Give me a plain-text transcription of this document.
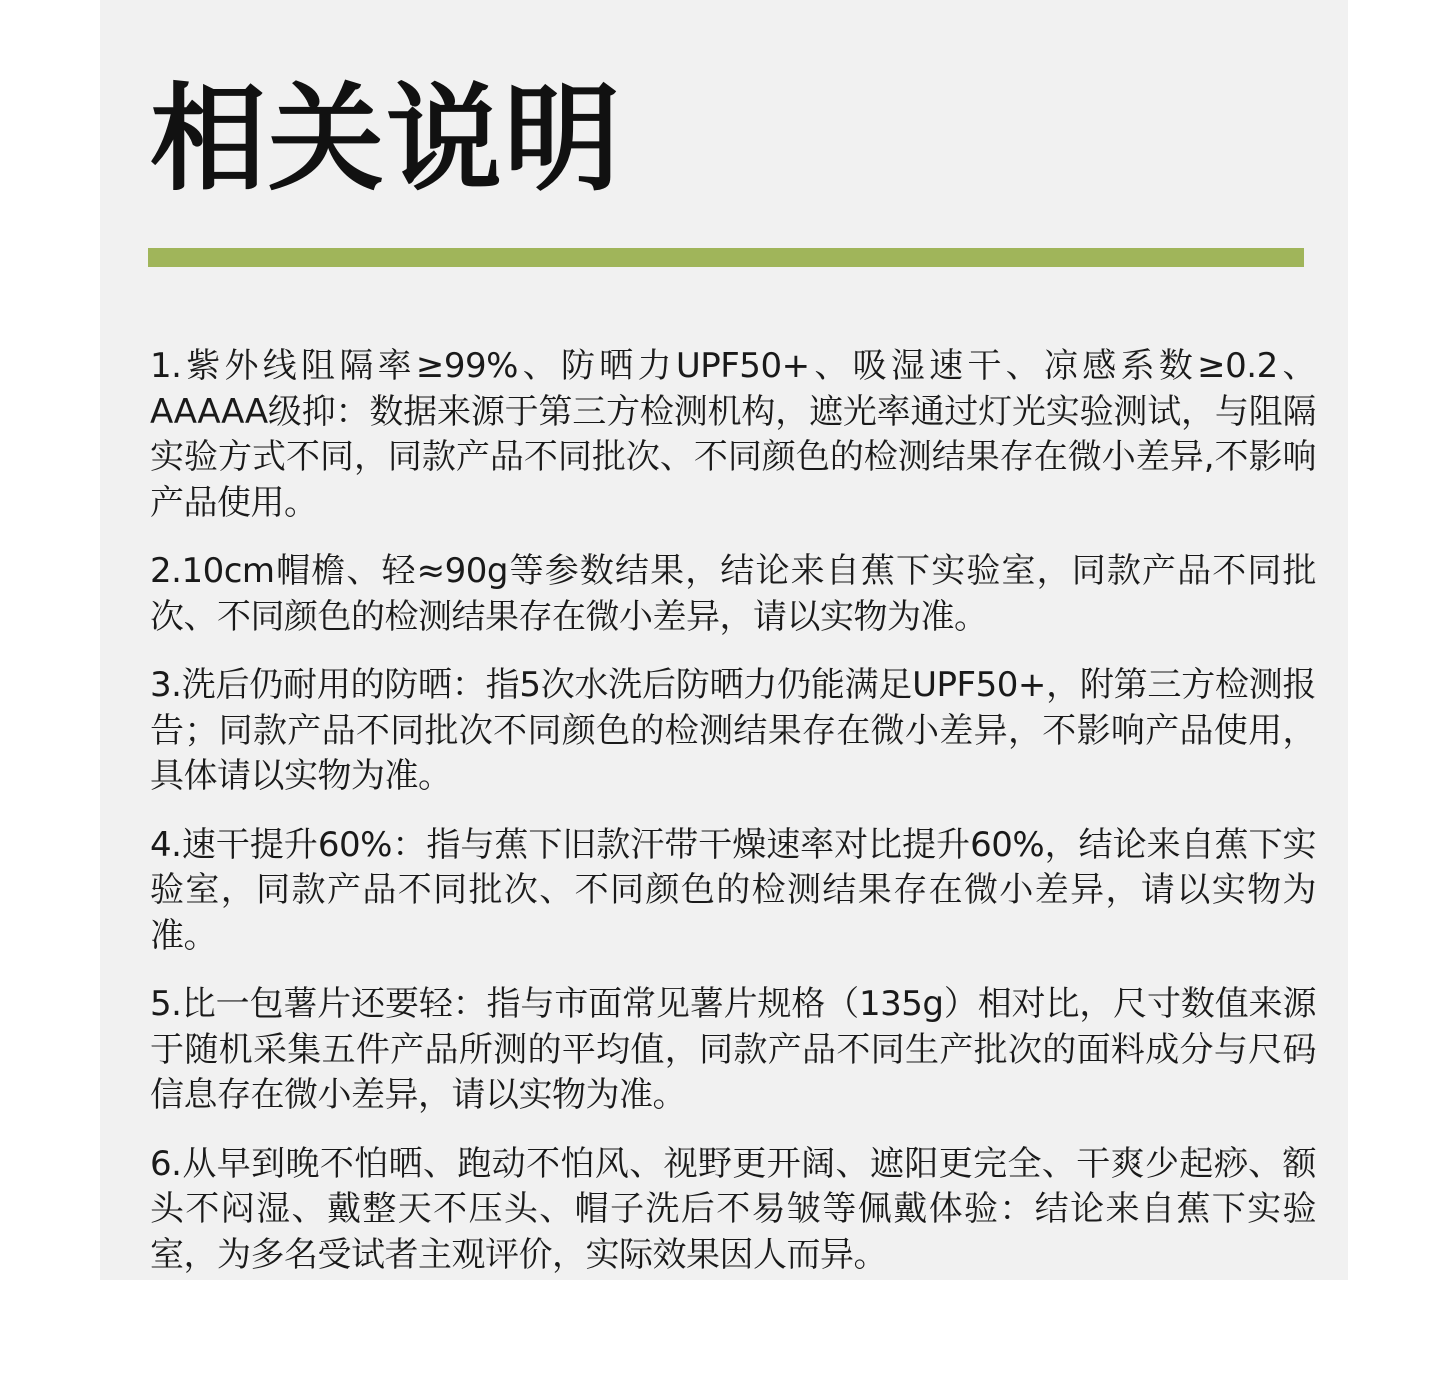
相关说明
1.紫外线阻隔率≥99%、防晒力UPF50+、吸湿速干、凉感系数≥0.2、AAAAA级抑：数据来源于第三方检测机构，遮光率通过灯光实验测试，与阻隔实验方式不同，同款产品不同批次、不同颜色的检测结果存在微小差异,不影响产品使用。
2.10cm帽檐、轻≈90g等参数结果，结论来自蕉下实验室，同款产品不同批次、不同颜色的检测结果存在微小差异，请以实物为准。
3.洗后仍耐用的防晒：指5次水洗后防晒力仍能满足UPF50+，附第三方检测报告；同款产品不同批次不同颜色的检测结果存在微小差异，不影响产品使用，具体请以实物为准。
4.速干提升60%：指与蕉下旧款汗带干燥速率对比提升60%，结论来自蕉下实验室，同款产品不同批次、不同颜色的检测结果存在微小差异，请以实物为准。
5.比一包薯片还要轻：指与市面常见薯片规格（135g）相对比，尺寸数值来源于随机采集五件产品所测的平均值，同款产品不同生产批次的面料成分与尺码信息存在微小差异，请以实物为准。
6.从早到晚不怕晒、跑动不怕风、视野更开阔、遮阳更完全、干爽少起痧、额头不闷湿、戴整天不压头、帽子洗后不易皱等佩戴体验：结论来自蕉下实验室，为多名受试者主观评价，实际效果因人而异。
